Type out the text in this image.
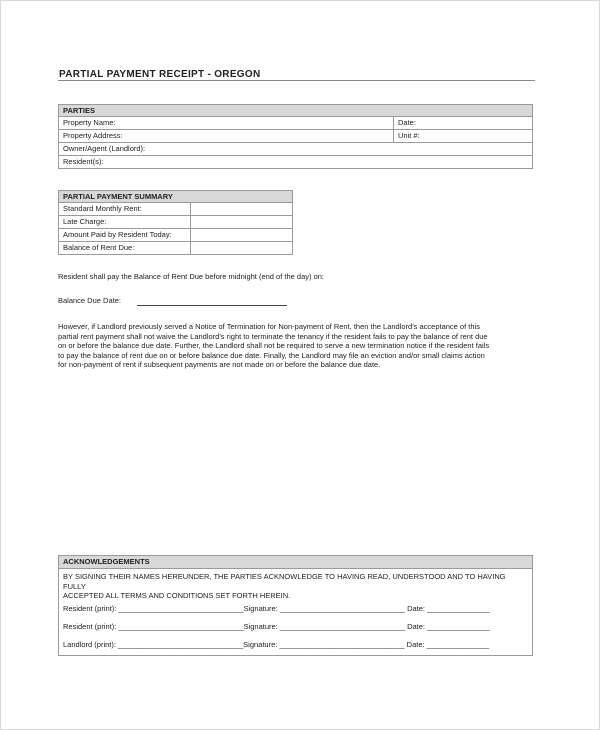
PARTIAL PAYMENT RECEIPT - OREGON
PARTIES	
Property Name:	Date:
Property Address:	Unit #:
Owner/Agent (Landlord):	
Resident(s):	
PARTIAL PAYMENT SUMMARY	
Standard Monthly Rent:	
Late Charge:	
Amount Paid by Resident Today:	
Balance of Rent Due:	
Resident shall pay the Balance of Rent Due before midnight (end of the day) on:
Balance Due Date:
However, if Landlord previously served a Notice of Termination for Non-payment of Rent, then the Landlord's acceptance of this
partial rent payment shall not waive the Landlord's right to terminate the tenancy if the resident fails to pay the balance of rent due
on or before the balance due date. Further, the Landlord shall not be required to serve a new termination notice if the resident fails
to pay the balance of rent due on or before balance due date. Finally, the Landlord may file an eviction and/or small claims action
for non-payment of rent if subsequent payments are not made on or before the balance due date.
ACKNOWLEDGEMENTS
BY SIGNING THEIR NAMES HEREUNDER, THE PARTIES ACKNOWLEDGE TO HAVING READ, UNDERSTOOD AND TO HAVING FULLY
ACCEPTED ALL TERMS AND CONDITIONS SET FORTH HEREIN.
Resident (print): ______________________________Signature: ______________________________ Date: _______________
Resident (print): ______________________________Signature: ______________________________ Date: _______________
Landlord (print): ______________________________Signature: ______________________________ Date: _______________
